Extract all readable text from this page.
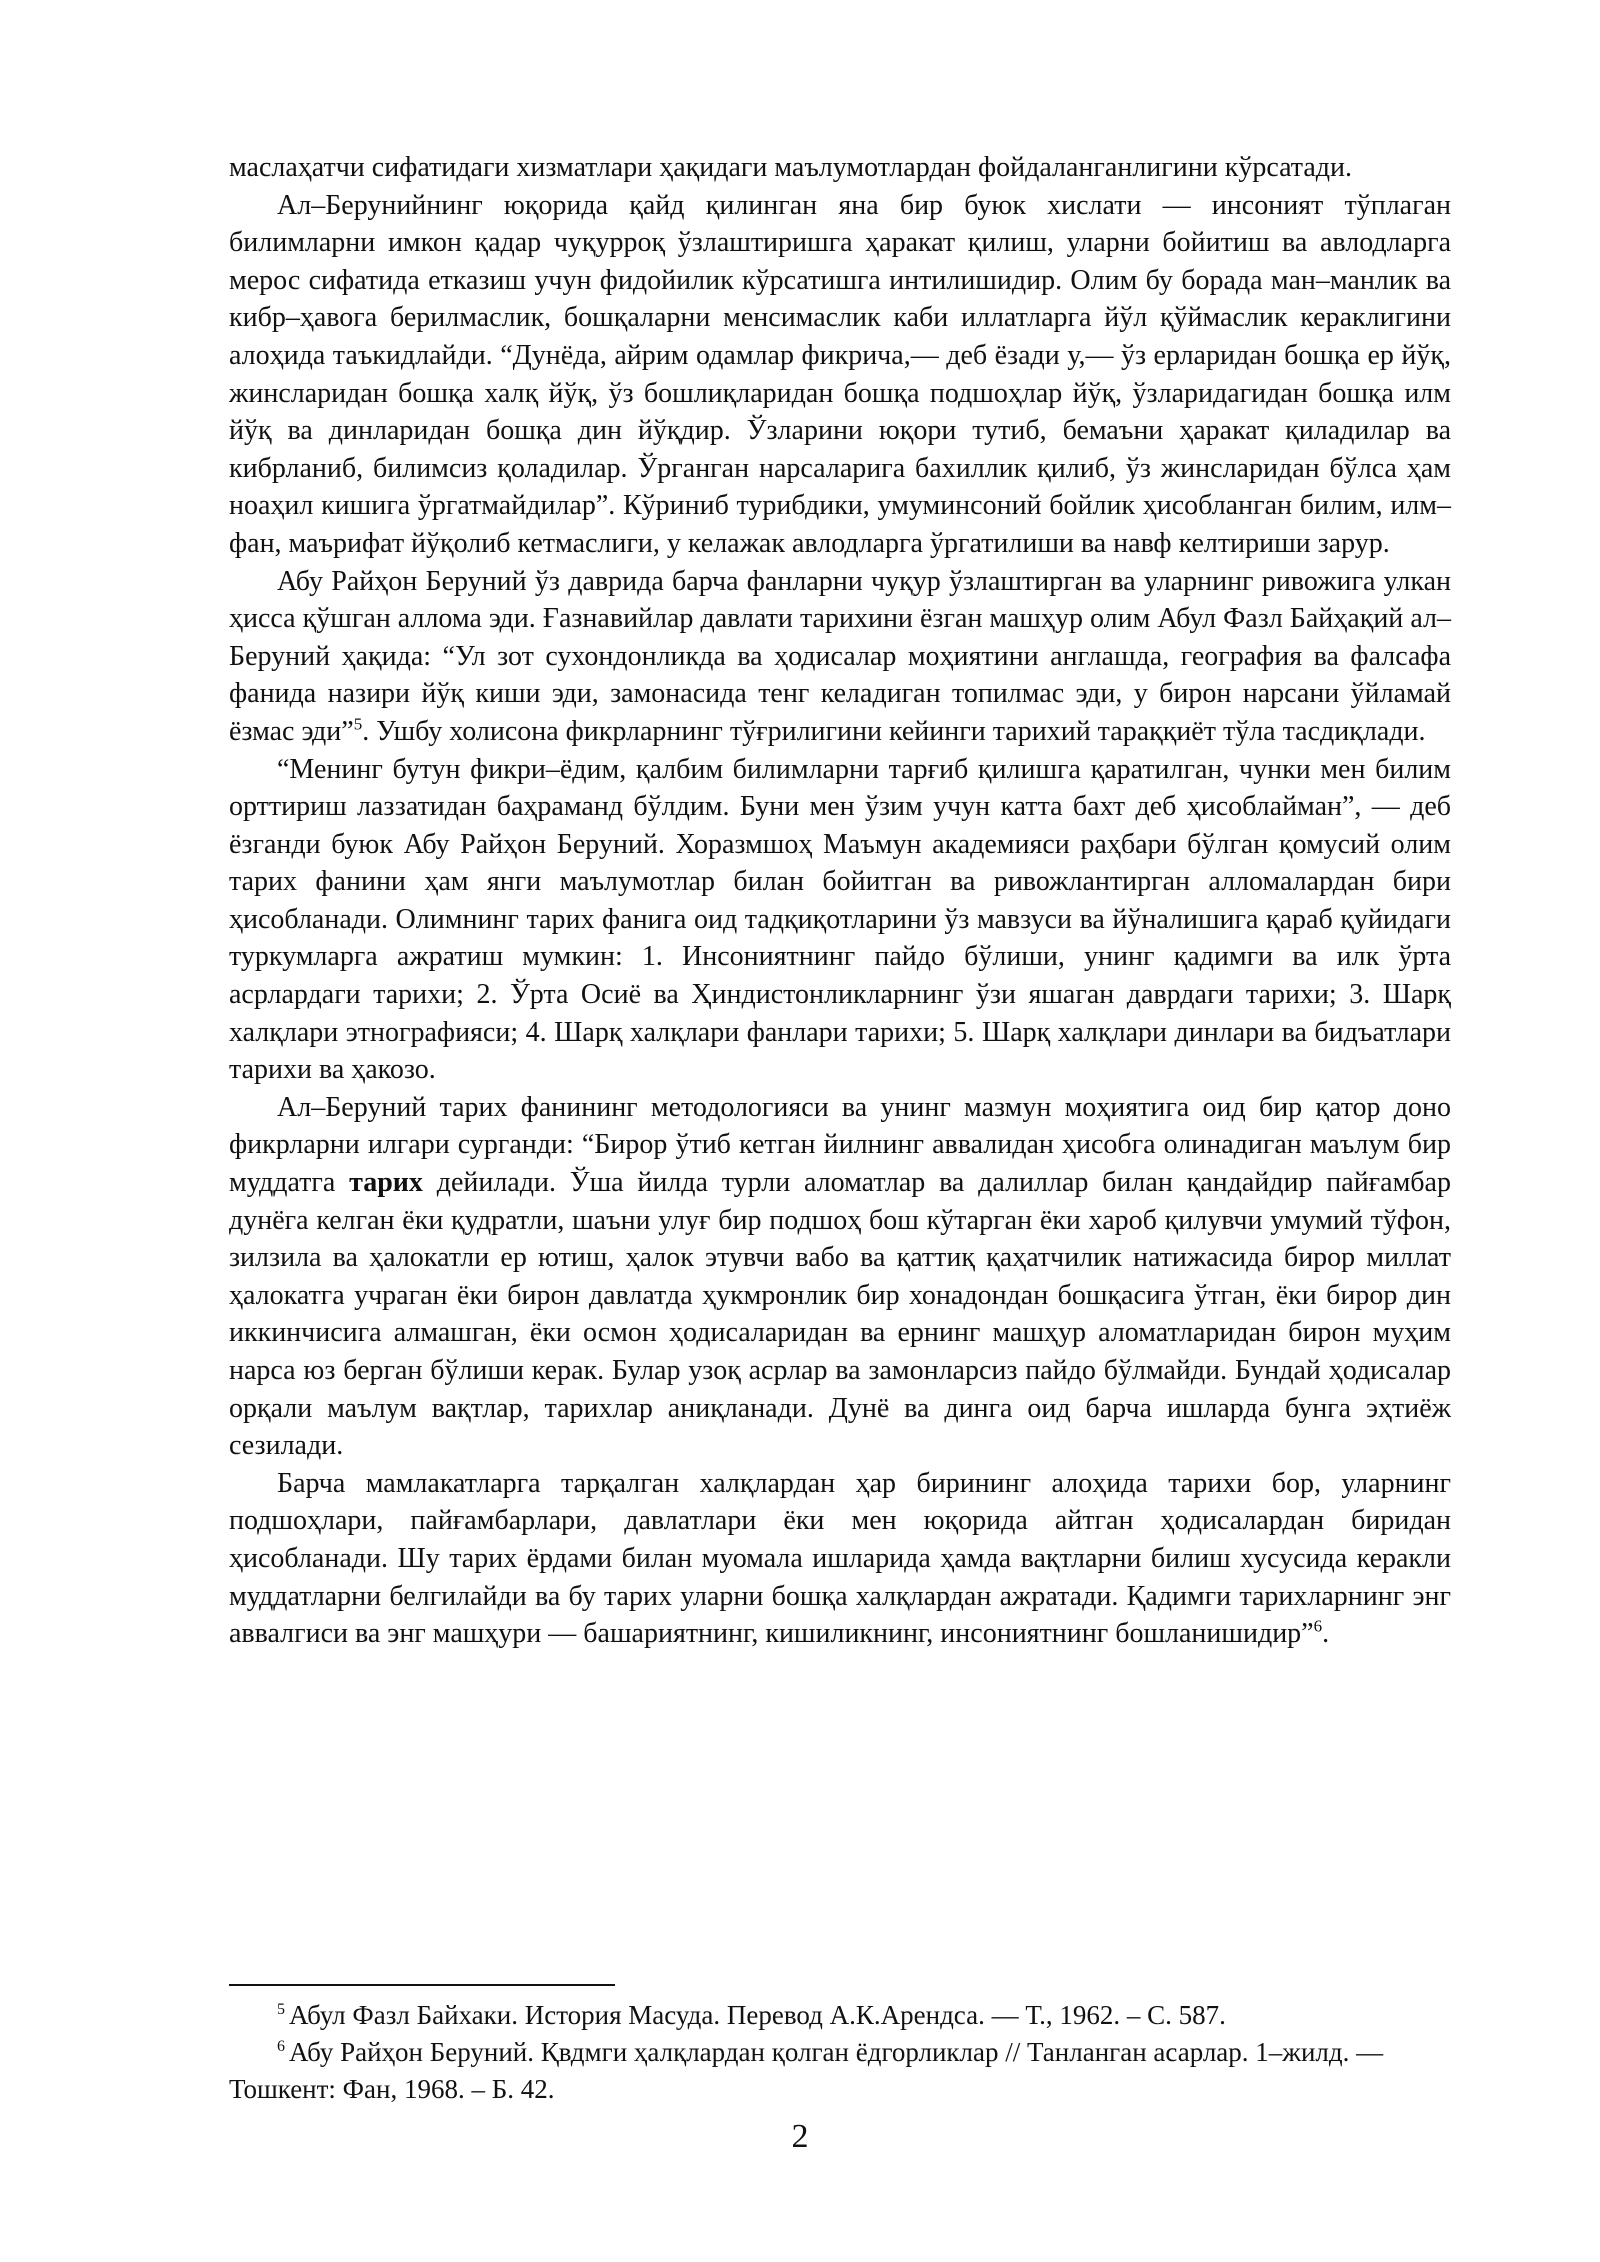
маслаҳатчи сифатидаги хизматлари ҳақидаги маълумотлардан фойдаланганлигини кўрсатади.

Ал–Берунийнинг юқорида қайд қилинган яна бир буюк хислати — инсоният тўплаган билимларни имкон қадар чуқурроқ ўзлаштиришга ҳаракат қилиш, уларни бойитиш ва авлодларга мерос сифатида етказиш учун фидойилик кўрсатишга интилишидир. Олим бу борада ман–манлик ва кибр–ҳавога берилмаслик, бошқаларни менсимаслик каби иллатларга йўл қўймаслик кераклигини алоҳида таъкидлайди. “Дунёда, айрим одамлар фикрича,— деб ёзади у,— ўз ерларидан бошқа ер йўқ, жинсларидан бошқа халқ йўқ, ўз бошлиқларидан бошқа подшоҳлар йўқ, ўзларидагидан бошқа илм йўқ ва динларидан бошқа дин йўқдир. Ўзларини юқори тутиб, бемаъни ҳаракат қиладилар ва кибрланиб, билимсиз қоладилар. Ўрганган нарсаларига бахиллик қилиб, ўз жинсларидан бўлса ҳам ноаҳил кишига ўргатмайдилар”. Кўриниб турибдики, умуминсоний бойлик ҳисобланган билим, илм–фан, маърифат йўқолиб кетмаслиги, у келажак авлодларга ўргатилиши ва навф келтириши зарур.

Абу Райҳон Беруний ўз даврида барча фанларни чуқур ўзлаштирган ва уларнинг ривожига улкан ҳисса қўшган аллома эди. Ғазнавийлар давлати тарихини ёзган машҳур олим Абул Фазл Байҳақий ал–Беруний ҳақида: “Ул зот сухондонликда ва ҳодисалар моҳиятини англашда, география ва фалсафа фанида назири йўқ киши эди, замонасида тенг келадиган топилмас эди, у бирон нарсани ўйламай ёзмас эди”$^5$. Ушбу холисона фикрларнинг тўғрилигини кейинги тарихий тараққиёт тўла тасдиқлади.

“Менинг бутун фикри–ёдим, қалбим билимларни тарғиб қилишга қаратилган, чунки мен билим орттириш лаззатидан баҳраманд бўлдим. Буни мен ўзим учун катта бахт деб ҳисоблайман”, — деб ёзганди буюк Абу Райҳон Беруний. Хоразмшоҳ Маъмун академияси раҳбари бўлган қомусий олим тарих фанини ҳам янги маълумотлар билан бойитган ва ривожлантирган алломалардан бири ҳисобланади. Олимнинг тарих фанига оид тадқиқотларини ўз мавзуси ва йўналишига қараб қуйидаги туркумларга ажратиш мумкин: 1. Инсониятнинг пайдо бўлиши, унинг қадимги ва илк ўрта асрлардаги тарихи; 2. Ўрта Осиё ва Ҳиндистонликларнинг ўзи яшаган даврдаги тарихи; 3. Шарқ халқлари этнографияси; 4. Шарқ халқлари фанлари тарихи; 5. Шарқ халқлари динлари ва бидъатлари тарихи ва ҳакозо.

Ал–Беруний тарих фанининг методологияси ва унинг мазмун моҳиятига оид бир қатор доно фикрларни илгари сурганди: “Бирор ўтиб кетган йилнинг аввалидан ҳисобга олинадиган маълум бир муддатга тарих дейилади. Ўша йилда турли аломатлар ва далиллар билан қандайдир пайғамбар дунёга келган ёки қудратли, шаъни улуғ бир подшоҳ бош кўтарган ёки хароб қилувчи умумий тўфон, зилзила ва ҳалокатли ер ютиш, ҳалок этувчи вабо ва қаттиқ қаҳатчилик натижасида бирор миллат ҳалокатга учраган ёки бирон давлатда ҳукмронлик бир хонадондан бошқасига ўтган, ёки бирор дин иккинчисига алмашган, ёки осмон ҳодисаларидан ва ернинг машҳур аломатларидан бирон муҳим нарса юз берган бўлиши керак. Булар узоқ асрлар ва замонларсиз пайдо бўлмайди. Бундай ҳодисалар орқали маълум вақтлар, тарихлар аниқланади. Дунё ва динга оид барча ишларда бунга эҳтиёж сезилади.

Барча мамлакатларга тарқалган халқлардан ҳар бирининг алоҳида тарихи бор, уларнинг подшоҳлари, пайғамбарлари, давлатлари ёки мен юқорида айтган ҳодисалардан биридан ҳисобланади. Шу тарих ёрдами билан муомала ишларида ҳамда вақтларни билиш хусусида керакли муддатларни белгилайди ва бу тарих уларни бошқа халқлардан ажратади. Қадимги тарихларнинг энг аввалгиси ва энг машҳури — башариятнинг, кишиликнинг, инсониятнинг бошланишидир”$^6$.

$^5$ Абул Фазл Байхаки. История Масуда. Перевод А.К.Арендса. — Т., 1962. – С. 587.

$^6$ Абу Райҳон Беруний. Қвдмги ҳалқлардан қолган ёдгорликлар // Танланган асарлар. 1–жилд. — Тошкент: Фан, 1968. – Б. 42.

2
